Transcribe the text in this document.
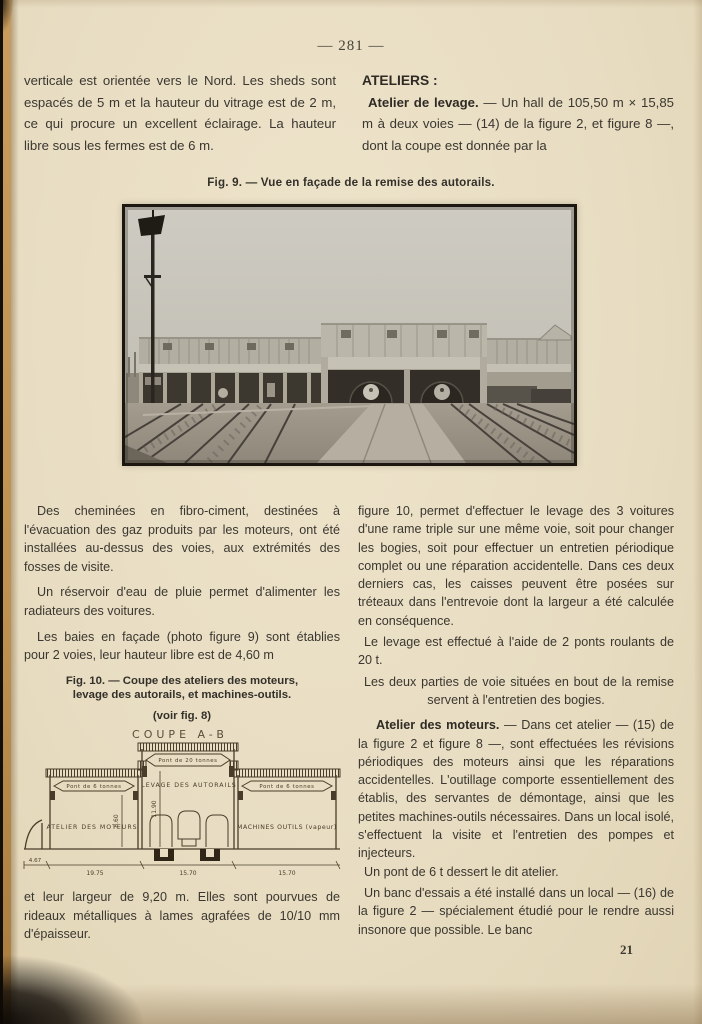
— 281 —

verticale est orientée vers le Nord. Les sheds sont espacés de 5 m et la hauteur du vitrage est de 2 m, ce qui procure un excellent éclairage. La hauteur libre sous les fermes est de 6 m.

ATELIERS :

Atelier de levage. — Un hall de 105,50 m × 15,85 m à deux voies — (14) de la figure 2, et figure 8 —, dont la coupe est donnée par la

Fig. 9. — Vue en façade de la remise des autorails.

Des cheminées en fibro-ciment, destinées à l'évacuation des gaz produits par les moteurs, ont été installées au-dessus des voies, aux extrémités des fosses de visite.

Un réservoir d'eau de pluie permet d'alimenter les radiateurs des voitures.

Les baies en façade (photo figure 9) sont établies pour 2 voies, leur hauteur libre est de 4,60 m

Fig. 10. — Coupe des ateliers des moteurs,
levage des autorails, et machines-outils.
(voir fig. 8)
COUPE A-B
Pont de 6 tonnes
Pont de 20 tonnes
Pont de 6 tonnes
ATELIER DES MOTEURS
LEVAGE DES AUTORAILS
MACHINES OUTILS (vapeur)
8.60
11.90
4.67
19.75	15.70	15.70

et leur largeur de 9,20 m. Elles sont pourvues de rideaux métalliques à lames agrafées de 10/10 mm d'épaisseur.

figure 10, permet d'effectuer le levage des 3 voitures d'une rame triple sur une même voie, soit pour changer les bogies, soit pour effectuer un entretien périodique complet ou une réparation accidentelle. Dans ces deux derniers cas, les caisses peuvent être posées sur tréteaux dans l'entrevoie dont la largeur a été calculée en conséquence.

Le levage est effectué à l'aide de 2 ponts roulants de 20 t.

Les deux parties de voie situées en bout de la remise servent à l'entretien des bogies.

Atelier des moteurs. — Dans cet atelier — (15) de la figure 2 et figure 8 —, sont effectuées les révisions périodiques des moteurs ainsi que les réparations accidentelles. L'outillage comporte essentiellement des établis, des servantes de démontage, ainsi que les petites machines-outils nécessaires. Dans un local isolé, s'effectuent la visite et l'entretien des pompes et injecteurs.

Un pont de 6 t dessert le dit atelier.

Un banc d'essais a été installé dans un local — (16) de la figure 2 — spécialement étudié pour le rendre aussi insonore que possible. Le banc

21
